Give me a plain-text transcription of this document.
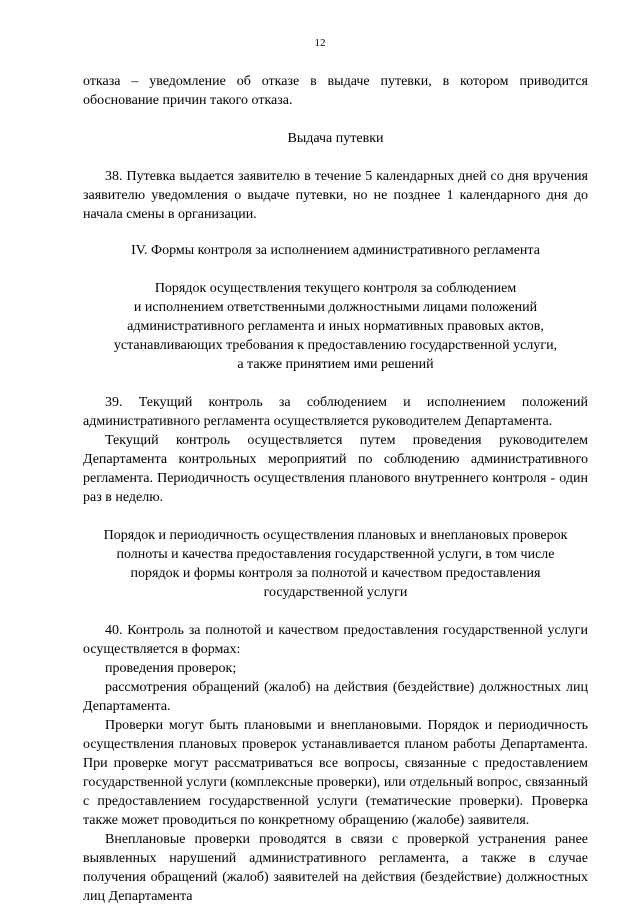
12

отказа – уведомление об отказе в выдаче путевки, в котором приводится обоснование причин такого отказа.

Выдача путевки

38. Путевка выдается заявителю в течение 5 календарных дней со дня вручения заявителю уведомления о выдаче путевки, но не позднее 1 календарного дня до начала смены в организации.

IV. Формы контроля за исполнением административного регламента

Порядок осуществления текущего контроля за соблюдением

и исполнением ответственными должностными лицами положений

административного регламента и иных нормативных правовых актов,

устанавливающих требования к предоставлению государственной услуги,

а также принятием ими решений

39. Текущий контроль за соблюдением и исполнением положений административного регламента осуществляется руководителем Департамента.

Текущий контроль осуществляется путем проведения руководителем Департамента контрольных мероприятий по соблюдению административного регламента. Периодичность осуществления планового внутреннего контроля - один раз в неделю.

Порядок и периодичность осуществления плановых и внеплановых проверок

полноты и качества предоставления государственной услуги, в том числе

порядок и формы контроля за полнотой и качеством предоставления

государственной услуги

40. Контроль за полнотой и качеством предоставления государственной услуги осуществляется в формах:

проведения проверок;

рассмотрения обращений (жалоб) на действия (бездействие) должностных лиц Департамента.

Проверки могут быть плановыми и внеплановыми. Порядок и периодичность осуществления плановых проверок устанавливается планом работы Департамента. При проверке могут рассматриваться все вопросы, связанные с предоставлением государственной услуги (комплексные проверки), или отдельный вопрос, связанный с предоставлением государственной услуги (тематические проверки). Проверка также может проводиться по конкретному обращению (жалобе) заявителя.

Внеплановые проверки проводятся в связи с проверкой устранения ранее выявленных нарушений административного регламента, а также в случае получения обращений (жалоб) заявителей на действия (бездействие) должностных лиц Департамента
